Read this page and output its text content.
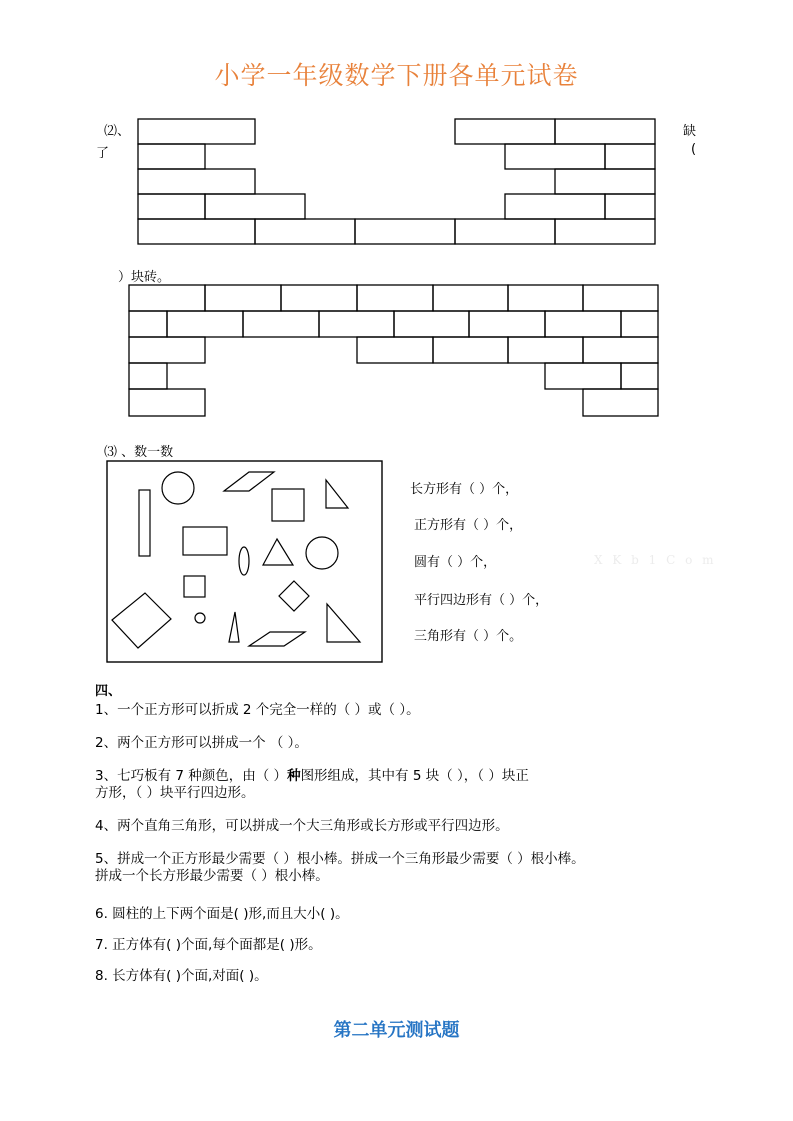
小学一年级数学下册各单元试卷
⑵、
了
缺
(
）块砖。
⑶ 、数一数
长方形有（ ）个，
正方形有（ ）个，
圆有（ ）个，	X K b 1 C o m
平行四边形有（ ）个，
三角形有（ ）个。
四、
1、一个正方形可以折成 2 个完全一样的（ ）或（ ）。
2、两个正方形可以拼成一个 （ ）。
3、七巧板有 7 种颜色，由（ ）种图形组成，其中有 5 块（ ），（ ）块正
方形，（ ）块平行四边形。
4、两个直角三角形，可以拼成一个大三角形或长方形或平行四边形。
5、拼成一个正方形最少需要（ ）根小棒。拼成一个三角形最少需要（ ）根小棒。
拼成一个长方形最少需要（ ）根小棒。
6. 圆柱的上下两个面是( )形,而且大小( )。
7. 正方体有( )个面,每个面都是( )形。
8. 长方体有( )个面,对面( )。
第二单元测试题
